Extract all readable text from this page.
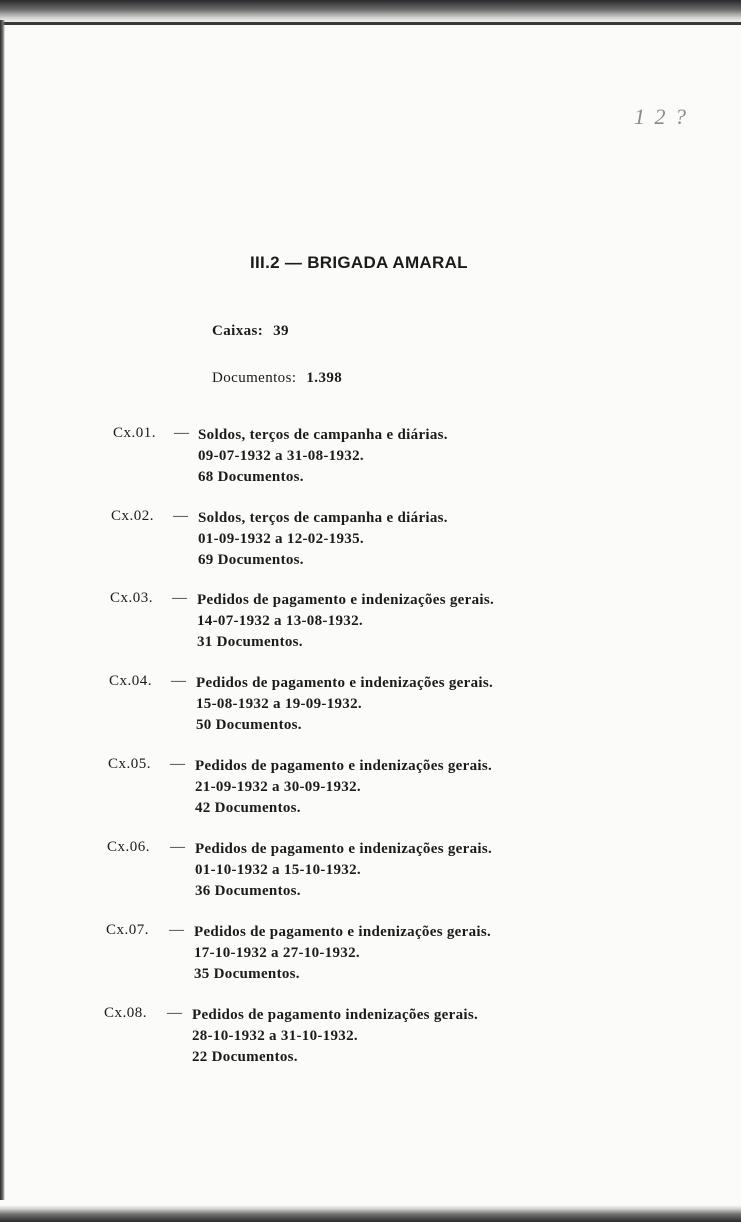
1 2 ?
III.2 — BRIGADA AMARAL
Caixas: 39
Documentos: 1.398
Cx.01. — Soldos, terços de campanha e diárias.
09-07-1932 a 31-08-1932.
68 Documentos.
Cx.02. — Soldos, terços de campanha e diárias.
01-09-1932 a 12-02-1935.
69 Documentos.
Cx.03. — Pedidos de pagamento e indenizações gerais.
14-07-1932 a 13-08-1932.
31 Documentos.
Cx.04. — Pedidos de pagamento e indenizações gerais.
15-08-1932 a 19-09-1932.
50 Documentos.
Cx.05. — Pedidos de pagamento e indenizações gerais.
21-09-1932 a 30-09-1932.
42 Documentos.
Cx.06. — Pedidos de pagamento e indenizações gerais.
01-10-1932 a 15-10-1932.
36 Documentos.
Cx.07. — Pedidos de pagamento e indenizações gerais.
17-10-1932 a 27-10-1932.
35 Documentos.
Cx.08. — Pedidos de pagamento indenizações gerais.
28-10-1932 a 31-10-1932.
22 Documentos.
